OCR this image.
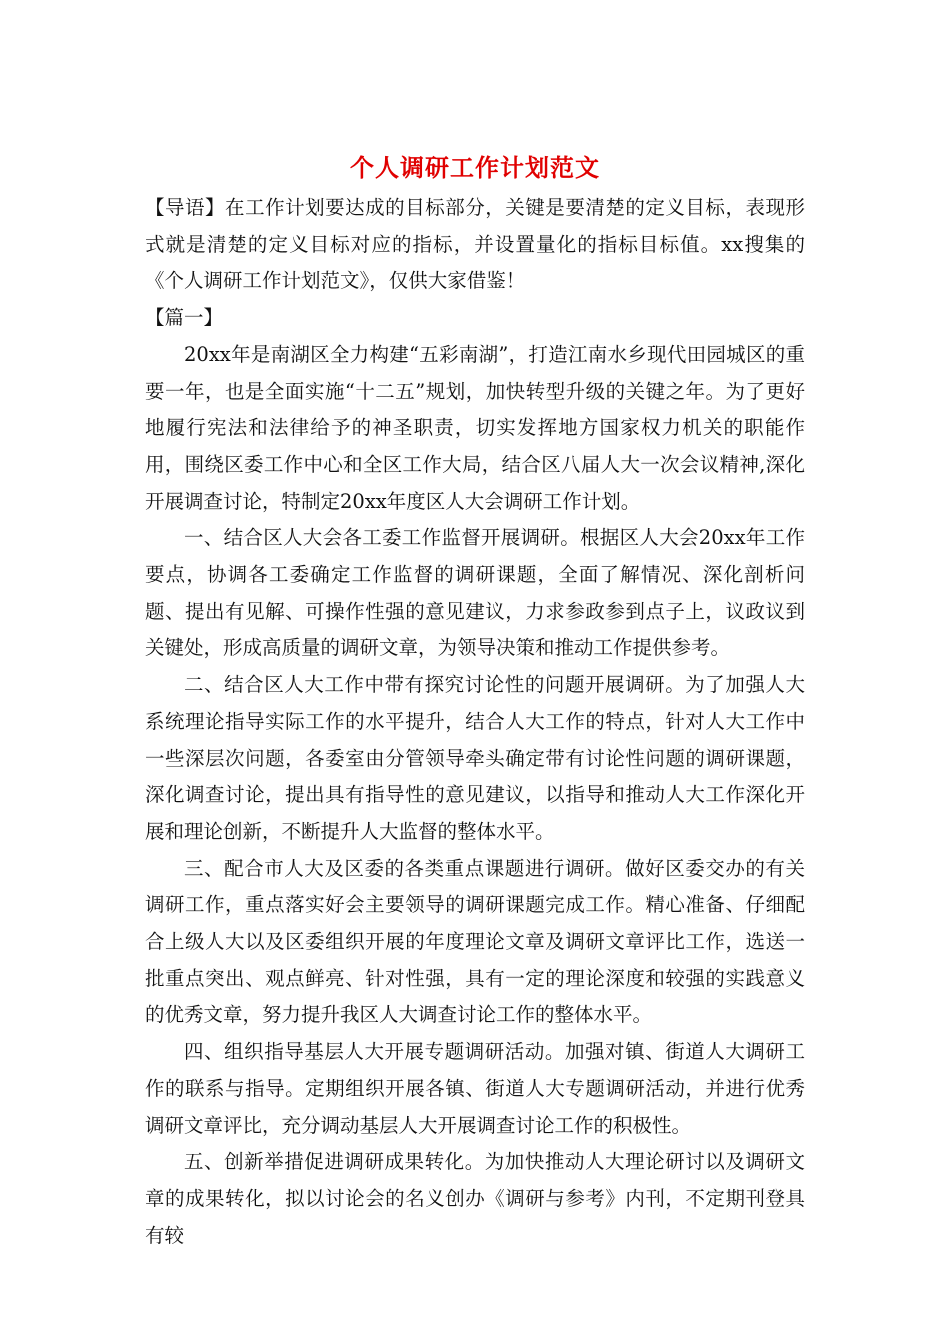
个人调研工作计划范文

【导语】在工作计划要达成的目标部分，关键是要清楚的定义目标，表现形式就是清楚的定义目标对应的指标，并设置量化的指标目标值。xx搜集的《个人调研工作计划范文》，仅供大家借鉴！

【篇一】

20xx年是南湖区全力构建“五彩南湖”，打造江南水乡现代田园城区的重要一年，也是全面实施“十二五”规划，加快转型升级的关键之年。为了更好地履行宪法和法律给予的神圣职责，切实发挥地方国家权力机关的职能作用，围绕区委工作中心和全区工作大局，结合区八届人大一次会议精神,深化开展调查讨论，特制定20xx年度区人大会调研工作计划。

一、结合区人大会各工委工作监督开展调研。根据区人大会20xx年工作要点，协调各工委确定工作监督的调研课题，全面了解情况、深化剖析问题、提出有见解、可操作性强的意见建议，力求参政参到点子上，议政议到关键处，形成高质量的调研文章，为领导决策和推动工作提供参考。

二、结合区人大工作中带有探究讨论性的问题开展调研。为了加强人大系统理论指导实际工作的水平提升，结合人大工作的特点，针对人大工作中一些深层次问题，各委室由分管领导牵头确定带有讨论性问题的调研课题，深化调查讨论，提出具有指导性的意见建议，以指导和推动人大工作深化开展和理论创新，不断提升人大监督的整体水平。

三、配合市人大及区委的各类重点课题进行调研。做好区委交办的有关调研工作，重点落实好会主要领导的调研课题完成工作。精心准备、仔细配合上级人大以及区委组织开展的年度理论文章及调研文章评比工作，选送一批重点突出、观点鲜亮、针对性强，具有一定的理论深度和较强的实践意义的优秀文章，努力提升我区人大调查讨论工作的整体水平。

四、组织指导基层人大开展专题调研活动。加强对镇、街道人大调研工作的联系与指导。定期组织开展各镇、街道人大专题调研活动，并进行优秀调研文章评比，充分调动基层人大开展调查讨论工作的积极性。

五、创新举措促进调研成果转化。为加快推动人大理论研讨以及调研文章的成果转化，拟以讨论会的名义创办《调研与参考》内刊，不定期刊登具有较
